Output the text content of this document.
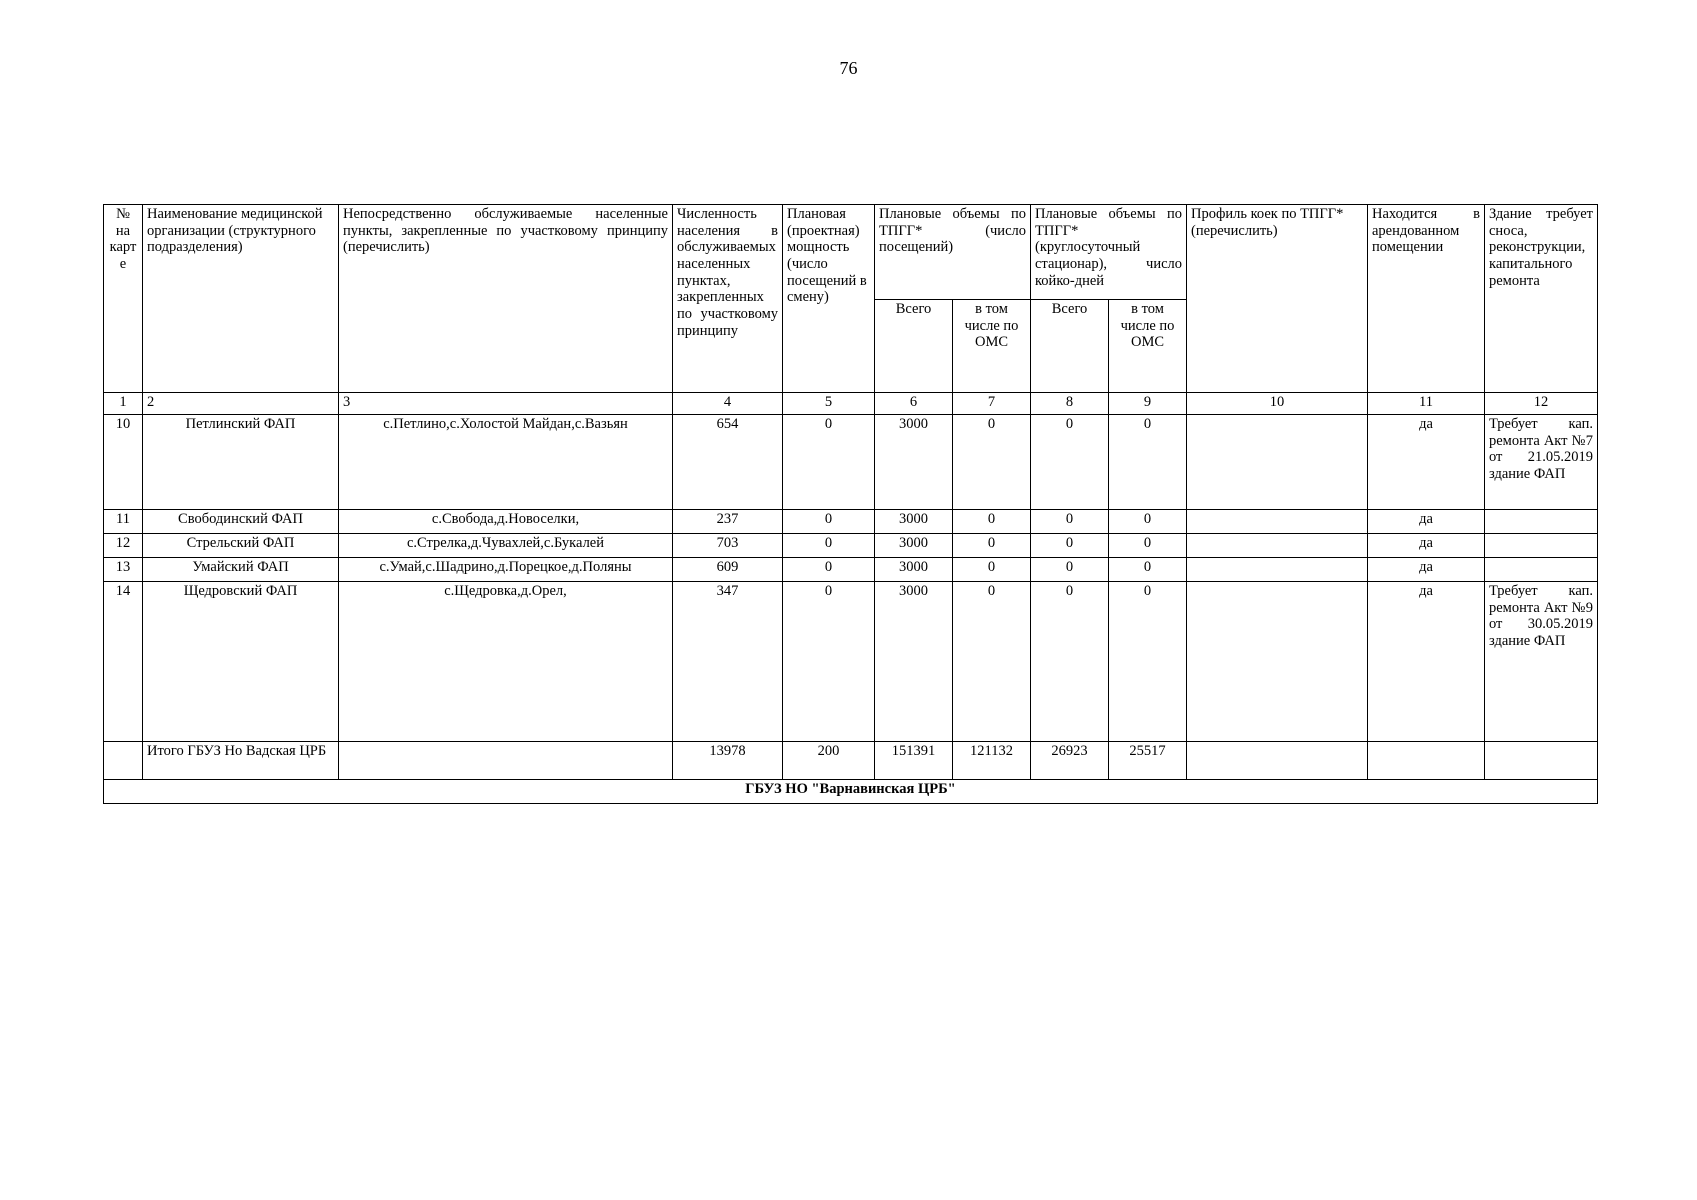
76
№ на карте	Наименование медицинской организации (структурного подразделения)	Непосредственно обслуживаемые населенные пункты, закрепленные по участковому принципу (перечислить)	Численность населения в обслуживаемых населенных пунктах, закрепленных по участковому принципу	Плановая (проектная) мощность (число посещений в смену)	Плановые объемы по ТПГГ* (число посещений)		Плановые объемы по ТПГГ* (круглосуточный стационар), число койко-дней		Профиль коек по ТПГГ* (перечислить)	Находится в арендованном помещении	Здание требует сноса, реконструкции, капитального ремонта
					Всего	в том числе по ОМС	Всего	в том числе по ОМС			
1	2	3	4	5	6	7	8	9	10	11	12
10	Петлинский ФАП	с.Петлино,с.Холостой Майдан,с.Вазьян	654	0	3000	0	0	0		да	Требует кап. ремонта Акт №7 от 21.05.2019 здание ФАП
11	Свободинский ФАП	с.Свобода,д.Новоселки,	237	0	3000	0	0	0		да	
12	Стрельский ФАП	с.Стрелка,д.Чувахлей,с.Букалей	703	0	3000	0	0	0		да	
13	Умайский ФАП	с.Умай,с.Шадрино,д.Порецкое,д.Поляны	609	0	3000	0	0	0		да	
14	Щедровский ФАП	с.Щедровка,д.Орел,	347	0	3000	0	0	0		да	Требует кап. ремонта Акт №9 от 30.05.2019 здание ФАП
	Итого ГБУЗ Но Вадская ЦРБ		13978	200	151391	121132	26923	25517			
ГБУЗ НО "Варнавинская ЦРБ"											
